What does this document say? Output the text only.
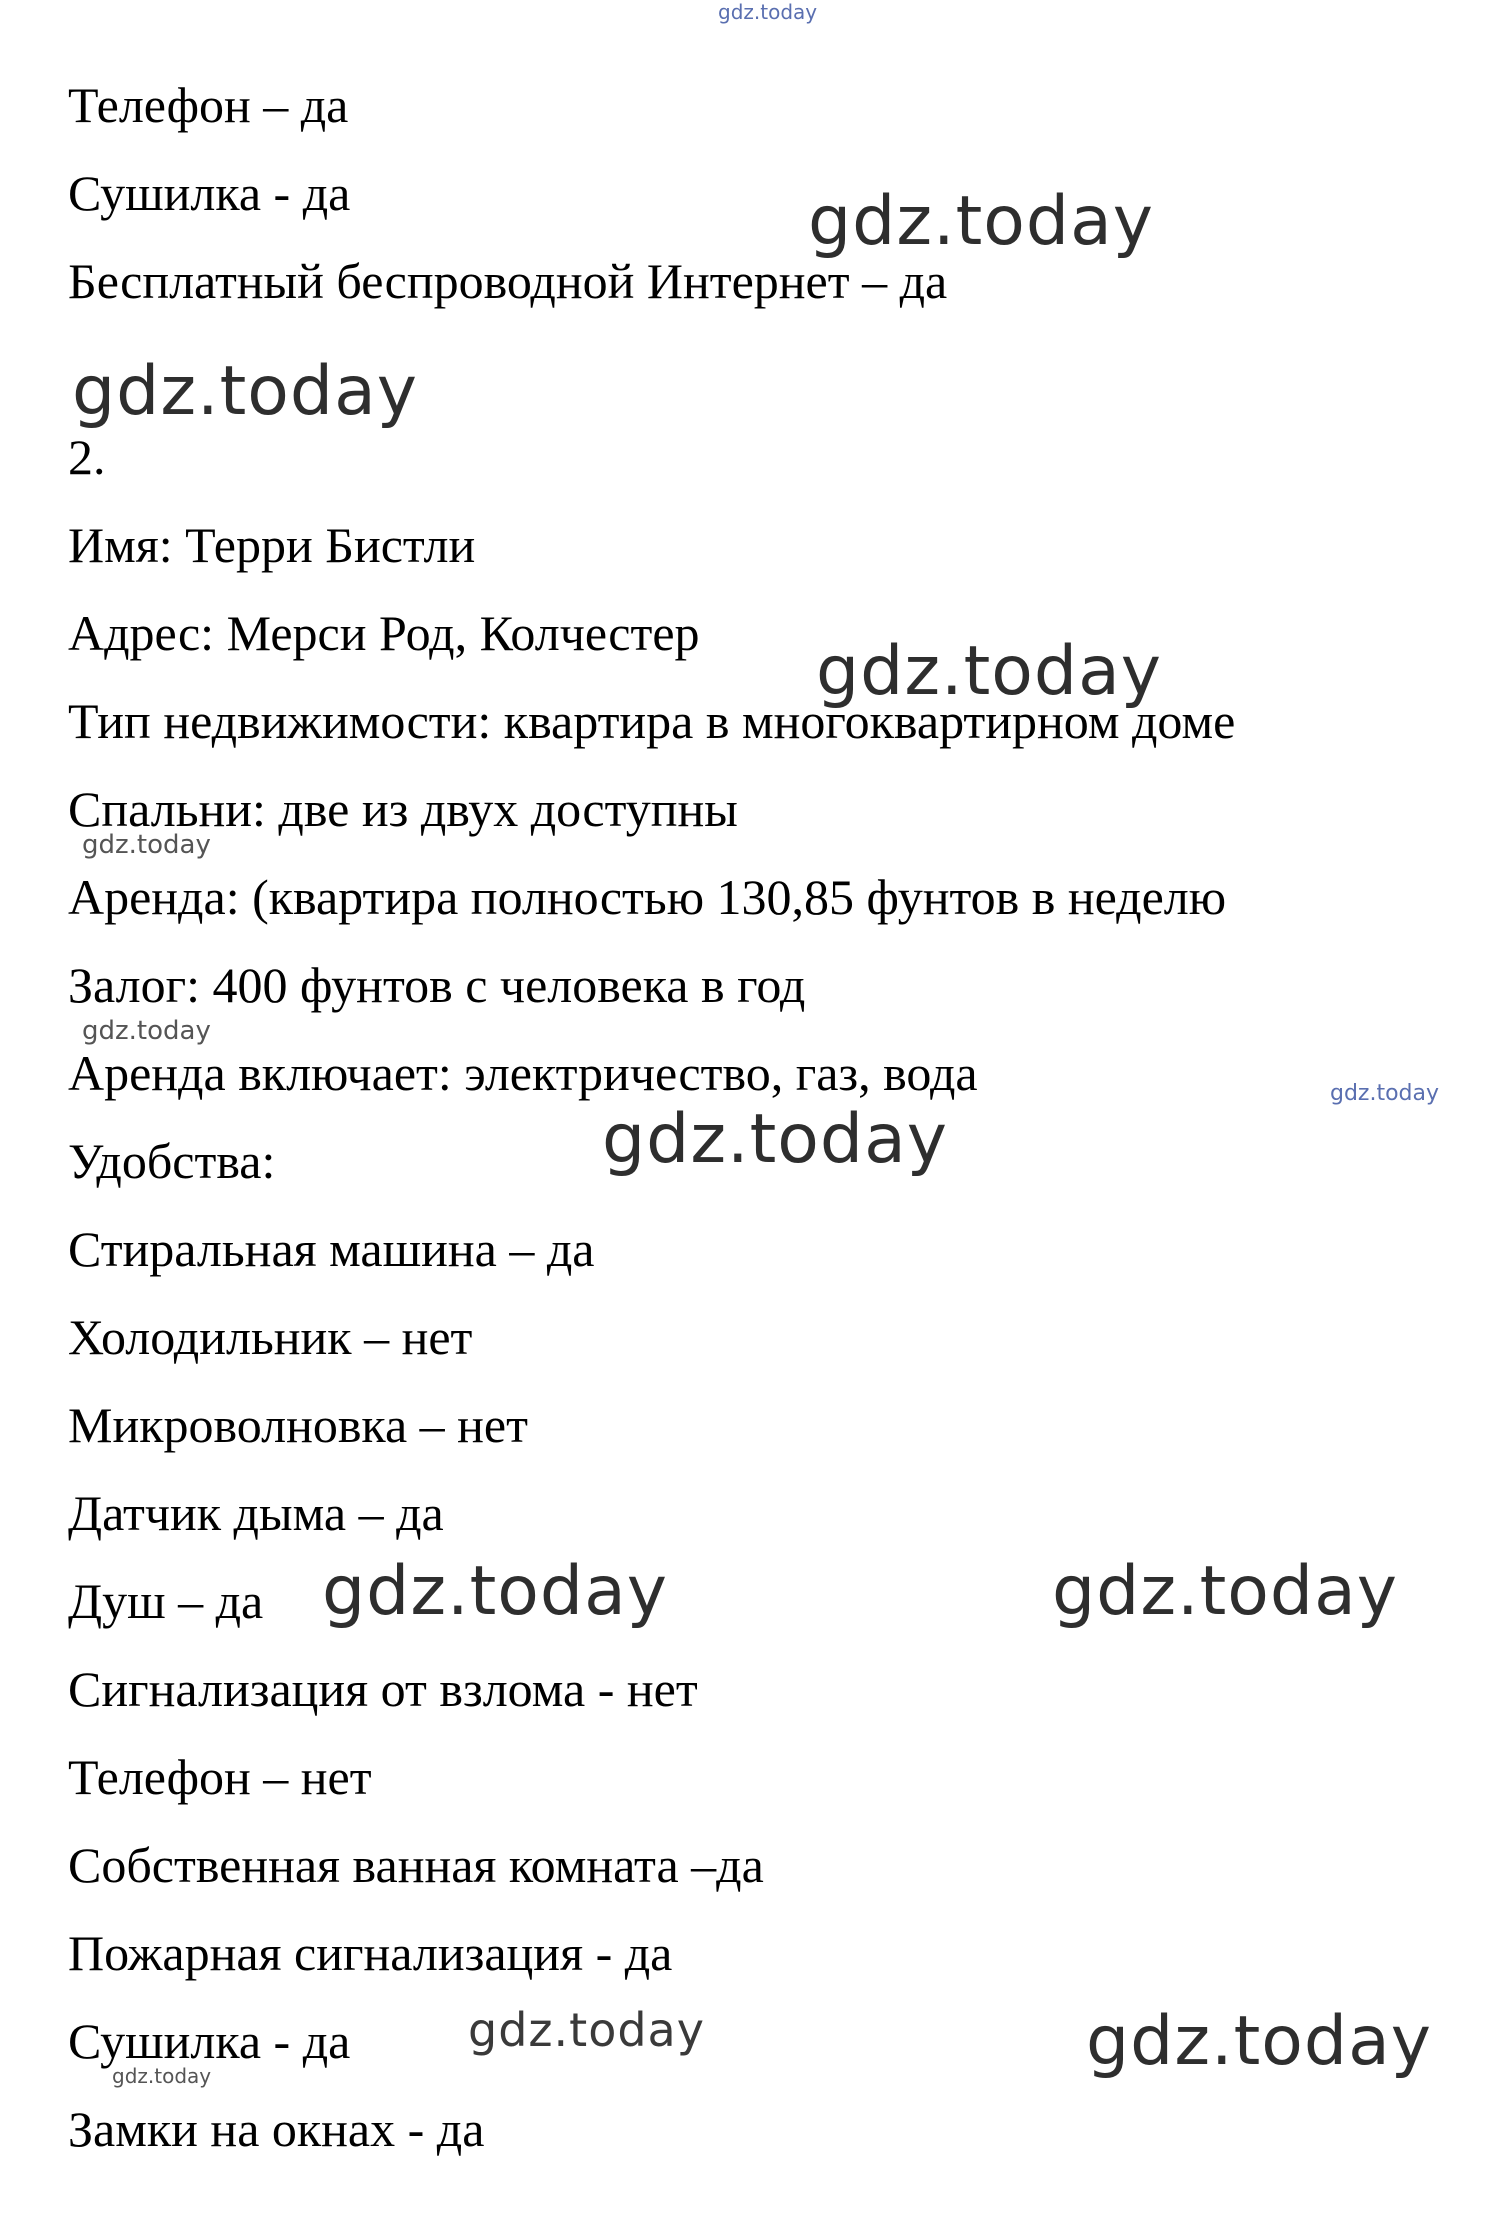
Телефон – да

Сушилка - да

Бесплатный беспроводной Интернет – да

2.

Имя: Терри Бистли

Адрес: Мерси Род, Колчестер

Тип недвижимости: квартира в многоквартирном доме

Спальни: две из двух доступны

Аренда: (квартира полностью 130,85 фунтов в неделю

Залог: 400 фунтов с человека в год

Аренда включает: электричество, газ, вода

Удобства:

Стиральная машина – да

Холодильник – нет

Микроволновка – нет

Датчик дыма – да

Душ – да

Сигнализация от взлома - нет

Телефон – нет

Собственная ванная комната –да

Пожарная сигнализация - да

Сушилка - да

Замки на окнах - да

gdz.today
gdz.today
gdz.today
gdz.today
gdz.today
gdz.today
gdz.today
gdz.today
gdz.today	gdz.today
gdz.today	gdz.today
gdz.today
